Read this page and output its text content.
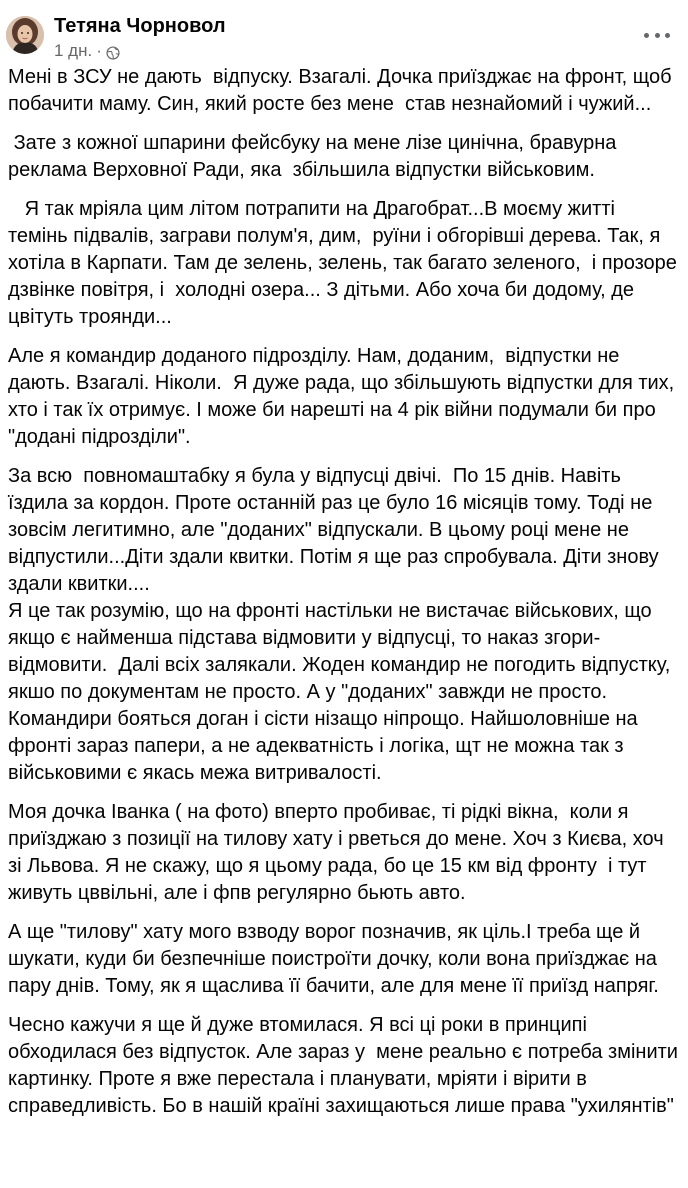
Тетяна Чорновол
1 дн. ·

Мені в ЗСУ не дають  відпуску. Взагалі. Дочка приїзджає на фронт, щоб побачити маму. Син, який росте без мене  став незнайомий і чужий...

Зате з кожної шпарини фейсбуку на мене лізе цинічна, бравурна реклама Верховної Ради, яка  збільшила відпустки військовим.

Я так мріяла цим літом потрапити на Драгобрат...В моєму житті темінь підвалів, заграви полум'я, дим,  руїни і обгорівші дерева. Так, я хотіла в Карпати. Там де зелень, зелень, так багато зеленого,  і прозоре дзвінке повітря, і  холодні озера... З дітьми. Або хоча би додому, де цвітуть троянди...

Але я командир доданого підрозділу. Нам, доданим,  відпустки не дають. Взагалі. Ніколи.  Я дуже рада, що збільшують відпустки для тих, хто і так їх отримує. І може би нарешті на 4 рік війни подумали би про "додані підрозділи".

За всю  повномаштабку я була у відпусці двічі.  По 15 днів. Навіть їздила за кордон. Проте останній раз це було 16 місяців тому. Тоді не зовсім легитимно, але "доданих" відпускали. В цьому році мене не відпустили...Діти здали квитки. Потім я ще раз спробувала. Діти знову здали квитки....
Я це так розумію, що на фронті настільки не вистачає військових, що якщо є найменша підстава відмовити у відпусці, то наказ згори-  відмовити.  Далі всіх залякали. Жоден командир не погодить відпустку, якшо по документам не просто. А у "доданих" завжди не просто. Командири бояться доган і сісти нізащо ніпрощо. Найшоловніше на фронті зараз папери, а не адекватність і логіка, щт не можна так з військовими є якась межа витривалості.

Моя дочка Іванка ( на фото) вперто пробиває, ті рідкі вікна,  коли я приїзджаю з позиції на тилову хату і рветься до мене. Хоч з Києва, хоч зі Львова. Я не скажу, що я цьому рада, бо це 15 км від фронту  і тут живуть цввільні, але і фпв регулярно бьють авто.

А ще "тилову" хату мого взводу ворог позначив, як ціль.І треба ще й шукати, куди би безпечніше поистроїти дочку, коли вона приїзджає на пару днів. Тому, як я щаслива її бачити, але для мене її приїзд напряг.

Чесно кажучи я ще й дуже втомилася. Я всі ці роки в принципі обходилася без відпусток. Але зараз у  мене реально є потреба змінити картинку. Проте я вже перестала і планувати, мріяти і вірити в справедливість. Бо в нашій країні захищаються лише права "ухилянтів"
